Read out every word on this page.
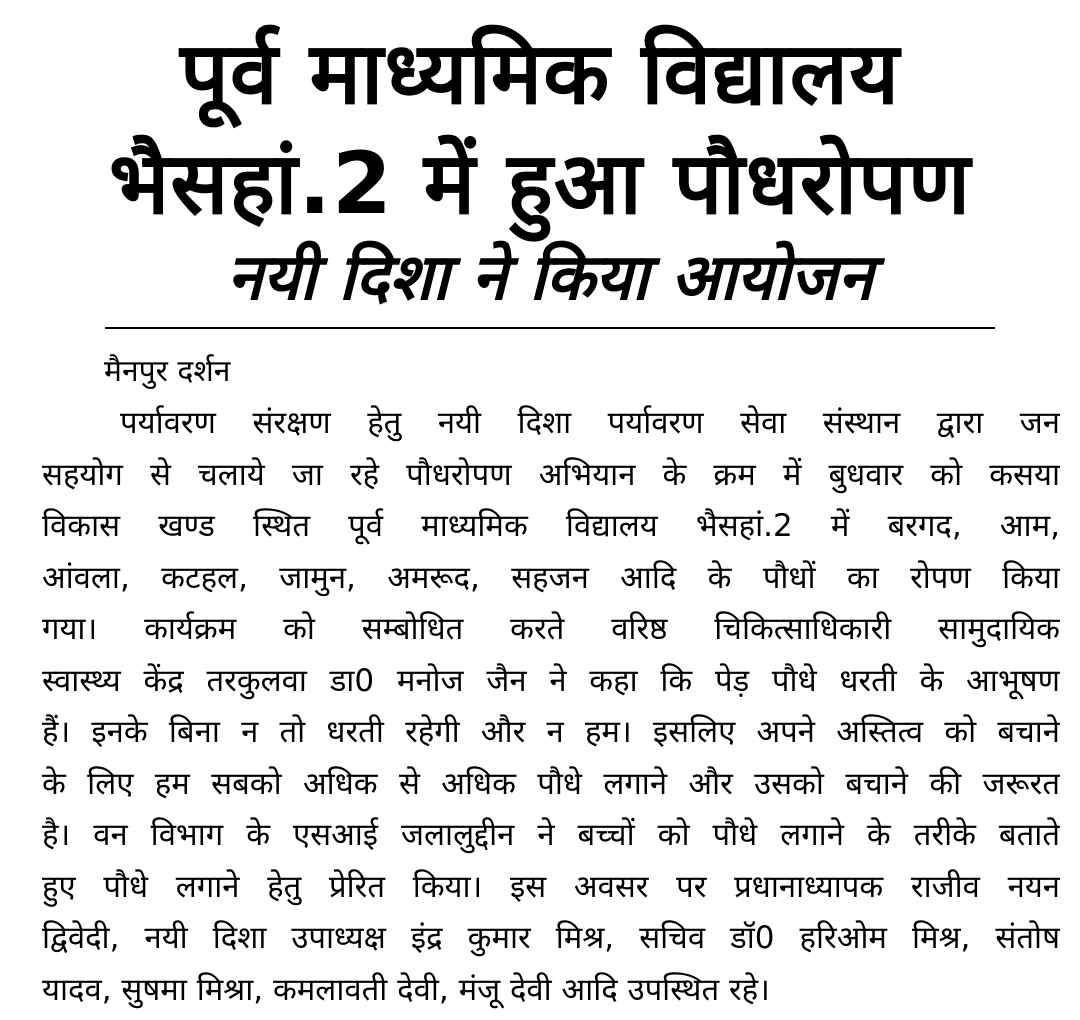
पूर्व माध्यमिक विद्यालय
भैसहां.2 में हुआ पौधरोपण
नयी दिशा ने किया आयोजन
मैनपुर दर्शन
पर्यावरण संरक्षण हेतु नयी दिशा पर्यावरण सेवा संस्थान द्वारा जन
सहयोग से चलाये जा रहे पौधरोपण अभियान के क्रम में बुधवार को कसया
विकास खण्ड स्थित पूर्व माध्यमिक विद्यालय भैसहां.2 में बरगद, आम,
आंवला, कटहल, जामुन, अमरूद, सहजन आदि के पौधों का रोपण किया
गया। कार्यक्रम को सम्बोधित करते वरिष्ठ चिकित्साधिकारी सामुदायिक
स्वास्थ्य केंद्र तरकुलवा डा0 मनोज जैन ने कहा कि पेड़ पौधे धरती के आभूषण
हैं। इनके बिना न तो धरती रहेगी और न हम। इसलिए अपने अस्तित्व को बचाने
के लिए हम सबको अधिक से अधिक पौधे लगाने और उसको बचाने की जरूरत
है। वन विभाग के एसआई जलालुद्दीन ने बच्चों को पौधे लगाने के तरीके बताते
हुए पौधे लगाने हेतु प्रेरित किया। इस अवसर पर प्रधानाध्यापक राजीव नयन
द्विवेदी, नयी दिशा उपाध्यक्ष इंद्र कुमार मिश्र, सचिव डॉ0 हरिओम मिश्र, संतोष
यादव, सुषमा मिश्रा, कमलावती देवी, मंजू देवी आदि उपस्थित रहे।
